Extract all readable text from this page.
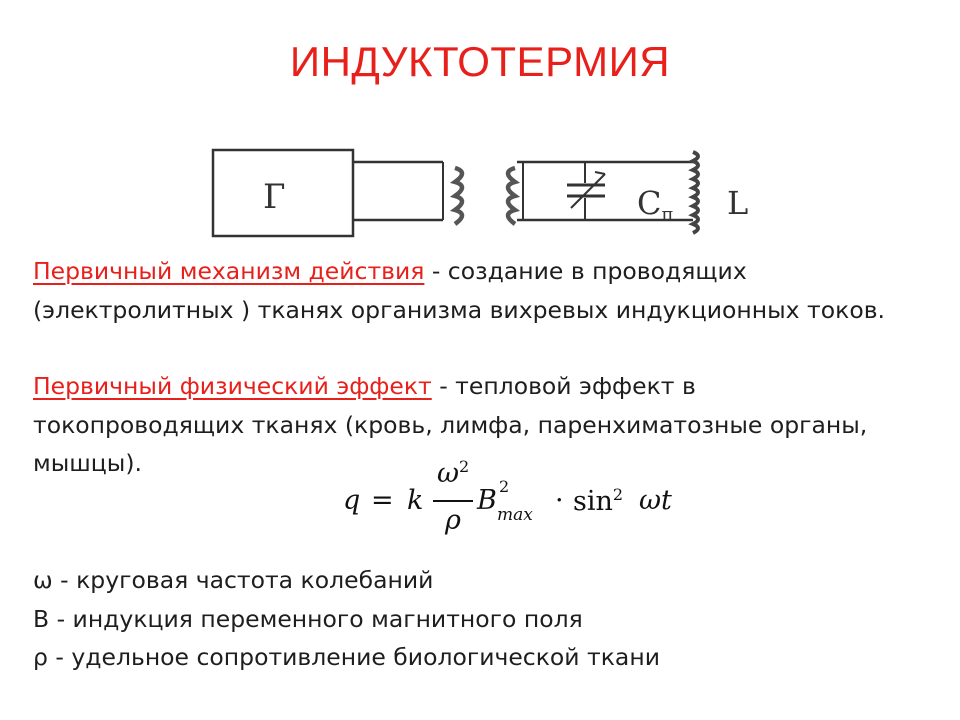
ИНДУКТОТЕРМИЯ
Г	Сп L
Первичный механизм действия - создание в проводящих (электролитных ) тканях организма вихревых индукционных токов.
Первичный физический эффект - тепловой эффект в токопроводящих тканях (кровь, лимфа, паренхиматозные органы, мышцы).
q = k
$\omega^2$
ρ
B 2
$\max \cdot \sin^2 \omega t$
ω - круговая частота колебаний
В - индукция переменного магнитного поля
ρ - удельное сопротивление биологической ткани
